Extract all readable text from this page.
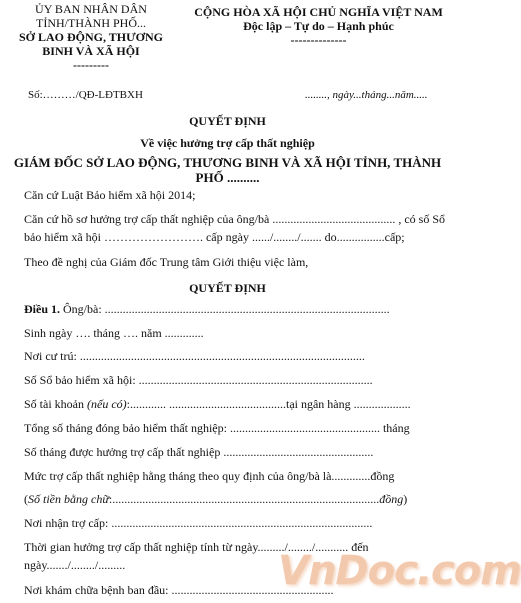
ỦY BAN NHÂN DÂN
TỈNH/THÀNH PHỐ...
SỞ LAO ĐỘNG, THƯƠNG
BINH VÀ XÃ HỘI
---------
CỘNG HÒA XÃ HỘI CHỦ NGHĨA VIỆT NAM
Độc lập – Tự do – Hạnh phúc
--------------
Số:………/QĐ-LĐTBXH	........, ngày...tháng...năm.....
QUYẾT ĐỊNH
Về việc hưởng trợ cấp thất nghiệp
GIÁM ĐỐC SỞ LAO ĐỘNG, THƯƠNG BINH VÀ XÃ HỘI TỈNH, THÀNH
PHỐ ..........
Căn cứ Luật Bảo hiểm xã hội 2014;
Căn cứ hồ sơ hưởng trợ cấp thất nghiệp của ông/bà ......................................... , có số Sổ
bảo hiểm xã hội ……………………. cấp ngày ....../......../....... do................cấp;
Theo đề nghị của Giám đốc Trung tâm Giới thiệu việc làm,
QUYẾT ĐỊNH
Điều 1. Ông/bà: ...............................................................................................
Sinh ngày …. tháng …. năm .............
Nơi cư trú: ...............................................................................................
Số Sổ bảo hiểm xã hội: ..............................................................................
Số tài khoản (nếu có):............ .......................................tại ngân hàng ...................
Tổng số tháng đóng bảo hiểm thất nghiệp: .................................................. tháng
Số tháng được hưởng trợ cấp thất nghiệp ..................................................
Mức trợ cấp thất nghiệp hằng tháng theo quy định của ông/bà là.............đồng
(Số tiền bằng chữ:.........................................................................................đồng)
Nơi nhận trợ cấp: .......................................................................................
Thời gian hưởng trợ cấp thất nghiệp tính từ ngày........./......../........... đến
ngày......./......../.........
Nơi khám chữa bệnh ban đầu: ......................................................
VnDoc.com
